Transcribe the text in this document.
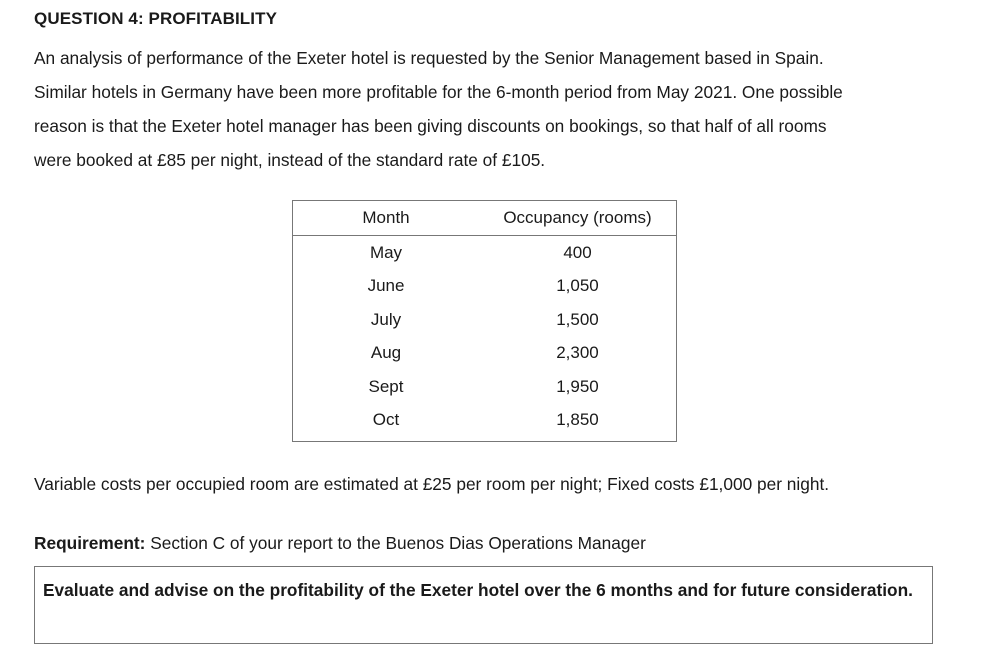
QUESTION 4: PROFITABILITY
An analysis of performance of the Exeter hotel is requested by the Senior Management based in Spain.
Similar hotels in Germany have been more profitable for the 6-month period from May 2021. One possible
reason is that the Exeter hotel manager has been giving discounts on bookings, so that half of all rooms
were booked at £85 per night, instead of the standard rate of £105.
Month	Occupancy (rooms)
May	400
June	1,050
July	1,500
Aug	2,300
Sept	1,950
Oct	1,850
Variable costs per occupied room are estimated at £25 per room per night; Fixed costs £1,000 per night.
Requirement: Section C of your report to the Buenos Dias Operations Manager
Evaluate and advise on the profitability of the Exeter hotel over the 6 months and for future consideration.
